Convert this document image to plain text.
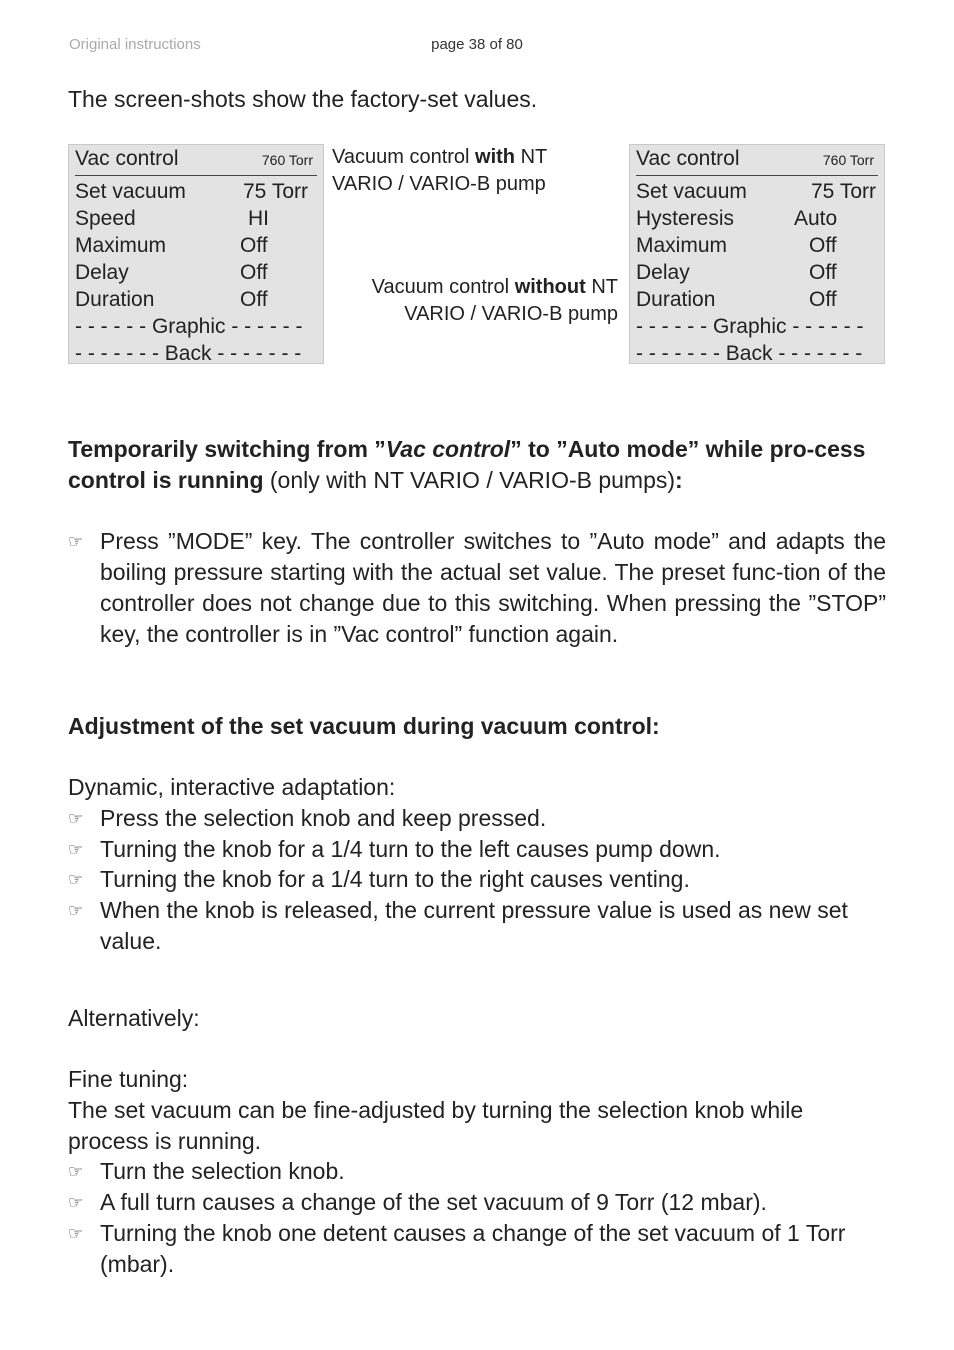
Original instructions	page 38 of 80
The screen-shots show the factory-set values.
Vac control	760 Torr
Set vacuum	75 Torr
Speed	HI
Maximum	Off
Delay	Off
Duration	Off
- - - - - - Graphic - - - - - -
- - - - - - - Back - - - - - - -
Vacuum control with NT VARIO / VARIO-B pump
Vacuum control without NT VARIO / VARIO-B pump
Vac control	760 Torr
Set vacuum	75 Torr
Hysteresis	Auto
Maximum	Off
Delay	Off
Duration	Off
- - - - - - Graphic - - - - - -
- - - - - - - Back - - - - - - -
Temporarily switching from ”Vac control” to ”Auto mode” while pro-cess control is running (only with NT VARIO / VARIO-B pumps):
☞ Press ”MODE” key. The controller switches to ”Auto mode” and adapts the boiling pressure starting with the actual set value. The preset func-tion of the controller does not change due to this switching. When pressing the ”STOP” key, the controller is in ”Vac control” function again.
Adjustment of the set vacuum during vacuum control:
Dynamic, interactive adaptation:
☞ Press the selection knob and keep pressed.
☞ Turning the knob for a 1/4 turn to the left causes pump down.
☞ Turning the knob for a 1/4 turn to the right causes venting.
☞ When the knob is released, the current pressure value is used as new set value.
Alternatively:
Fine tuning:
The set vacuum can be fine-adjusted by turning the selection knob while process is running.
☞ Turn the selection knob.
☞ A full turn causes a change of the set vacuum of 9 Torr (12 mbar).
☞ Turning the knob one detent causes a change of the set vacuum of 1 Torr (mbar).
